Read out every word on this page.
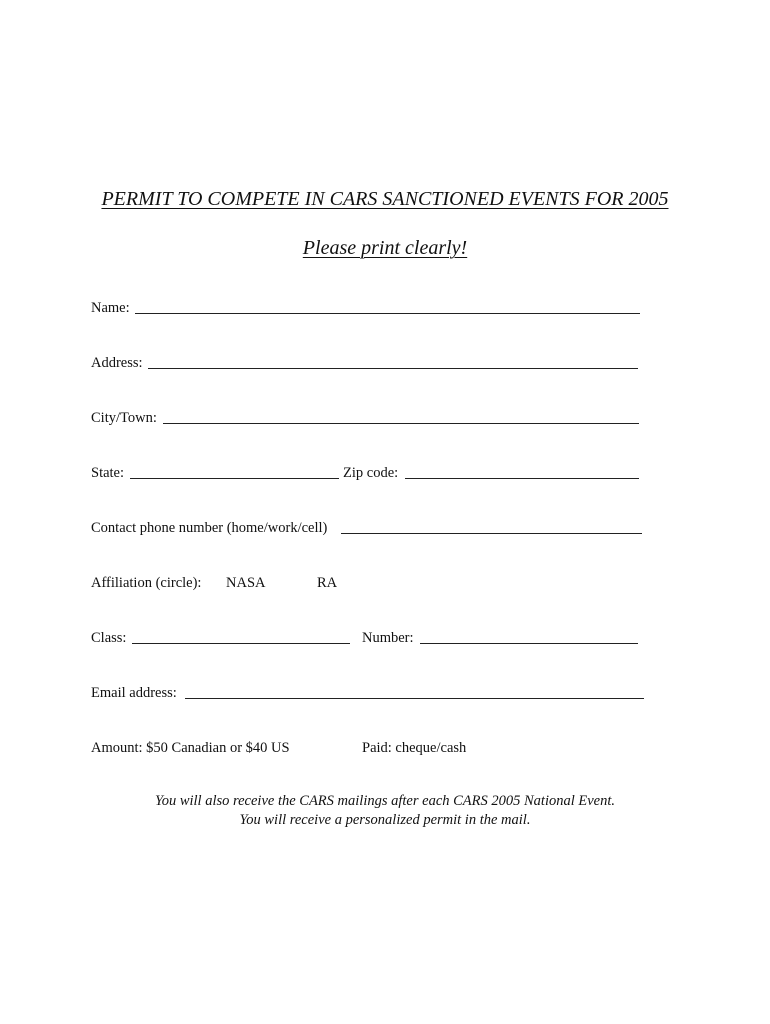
PERMIT TO COMPETE IN CARS SANCTIONED EVENTS FOR 2005
Please print clearly!
Name:
Address:
City/Town:
State:	Zip code:
Contact phone number (home/work/cell)
Affiliation (circle): NASA	RA
Class:	Number:
Email address:
Amount: $50 Canadian or $40 US	Paid: cheque/cash
You will also receive the CARS mailings after each CARS 2005 National Event.
You will receive a personalized permit in the mail.
